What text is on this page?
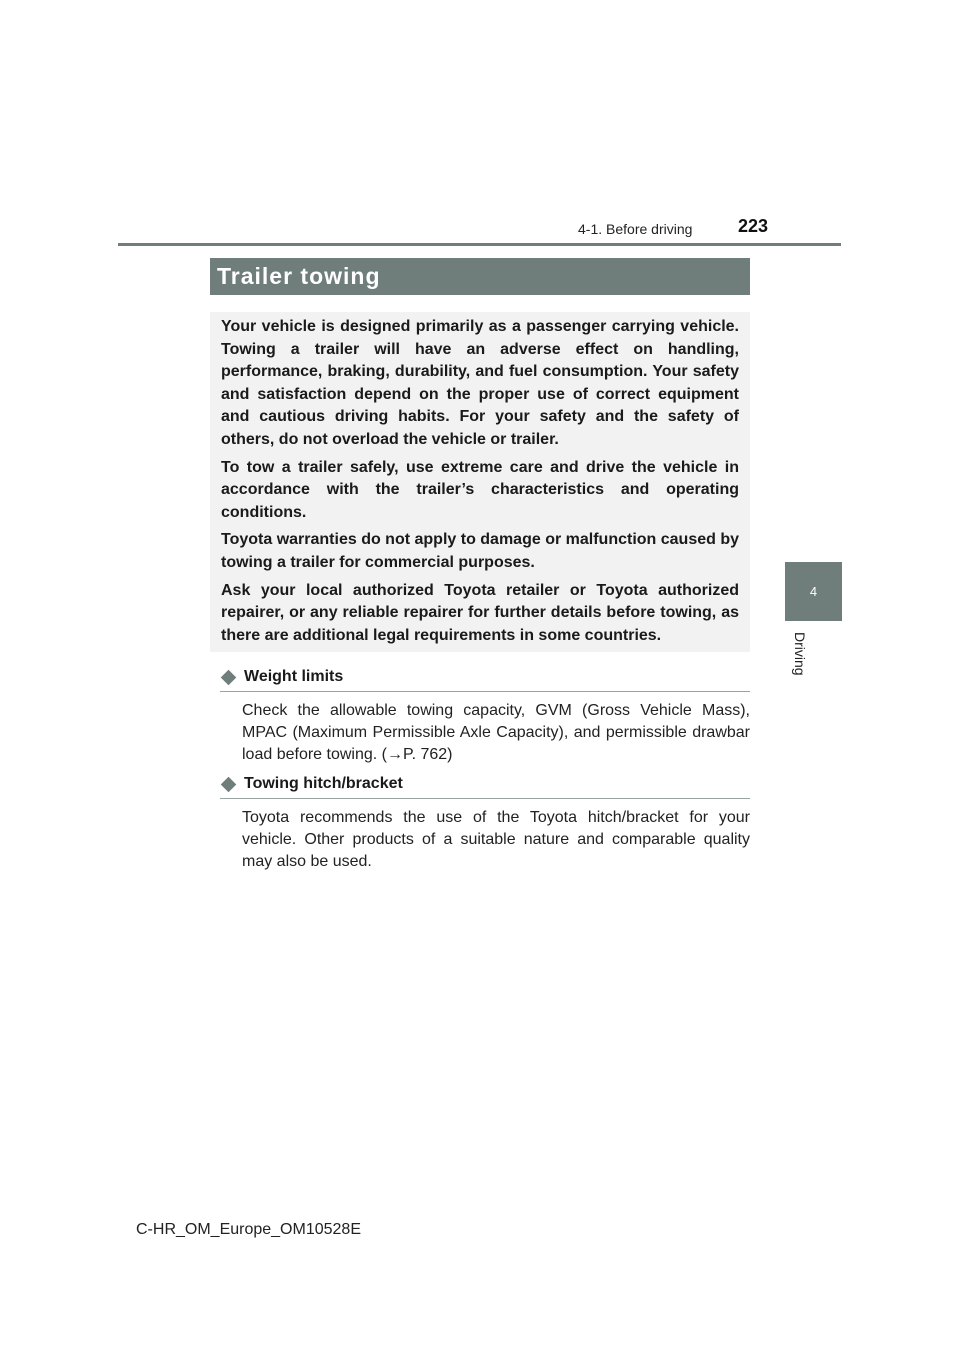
4-1. Before driving	223
4
Driving
Trailer towing

Your vehicle is designed primarily as a passenger carrying vehicle. Towing a trailer will have an adverse effect on handling, performance, braking, durability, and fuel consumption. Your safety and satisfaction depend on the proper use of correct equipment and cautious driving habits. For your safety and the safety of others, do not overload the vehicle or trailer.

To tow a trailer safely, use extreme care and drive the vehicle in accordance with the trailer’s characteristics and operating conditions.

Toyota warranties do not apply to damage or malfunction caused by towing a trailer for commercial purposes.

Ask your local authorized Toyota retailer or Toyota authorized repairer, or any reliable repairer for further details before towing, as there are additional legal requirements in some countries.

Weight limits

Check the allowable towing capacity, GVM (Gross Vehicle Mass), MPAC (Maximum Permissible Axle Capacity), and permissible drawbar load before towing. (→P. 762)

Towing hitch/bracket

Toyota recommends the use of the Toyota hitch/bracket for your vehicle. Other products of a suitable nature and comparable quality may also be used.

C-HR_OM_Europe_OM10528E
